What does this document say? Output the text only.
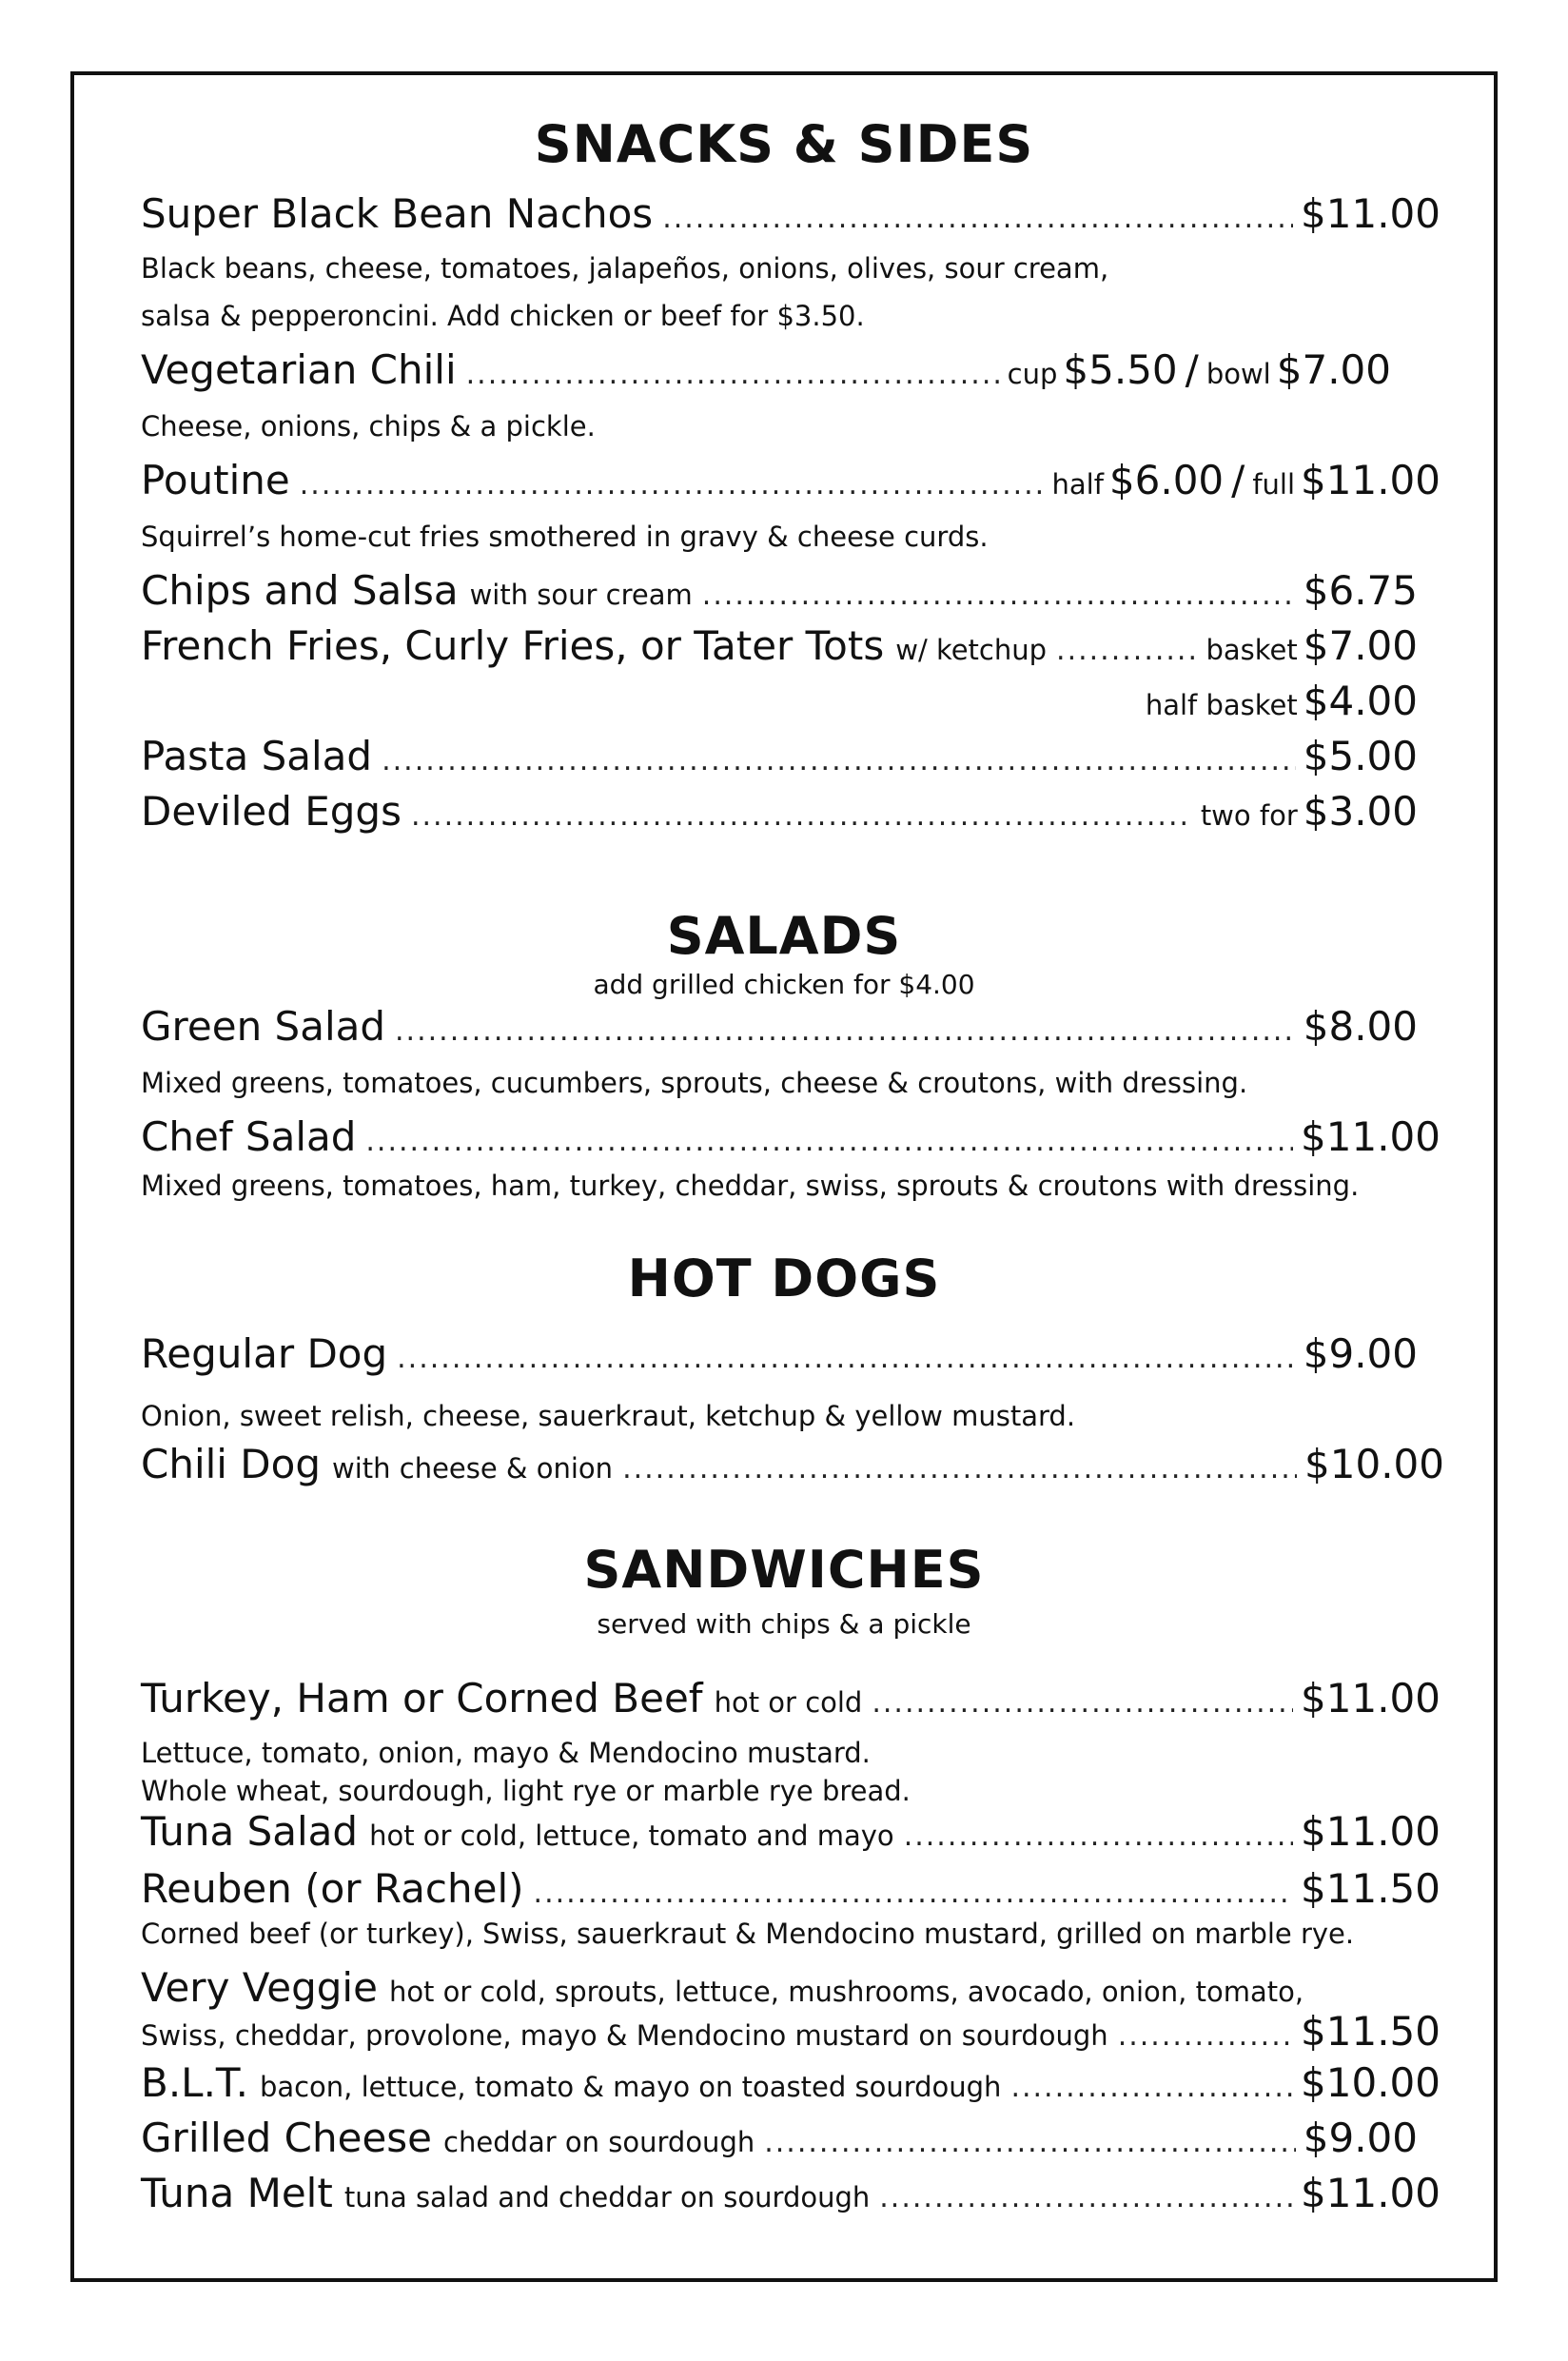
SNACKS & SIDES
Super Black Bean Nachos .....	$11.00
Black beans, cheese, tomatoes, jalapeños, onions, olives, sour cream,
salsa & pepperoncini. Add chicken or beef for $3.50.
Vegetarian Chili .....	cup $5.50 / bowl $7.00
Cheese, onions, chips & a pickle.
Poutine .....	half $6.00 / full $11.00
Squirrel’s home-cut fries smothered in gravy & cheese curds.
Chips and Salsa with sour cream .....	$6.75
French Fries, Curly Fries, or Tater Tots w/ ketchup .....	basket $7.00
half basket $4.00
Pasta Salad .....	$5.00
Deviled Eggs .....	two for $3.00
SALADS
add grilled chicken for $4.00
Green Salad .....	$8.00
Mixed greens, tomatoes, cucumbers, sprouts, cheese & croutons, with dressing.
Chef Salad .....	$11.00
Mixed greens, tomatoes, ham, turkey, cheddar, swiss, sprouts & croutons with dressing.
HOT DOGS
Regular Dog .....	$9.00
Onion, sweet relish, cheese, sauerkraut, ketchup & yellow mustard.
Chili Dog with cheese & onion .....	$10.00
SANDWICHES
served with chips & a pickle
Turkey, Ham or Corned Beef hot or cold .....	$11.00
Lettuce, tomato, onion, mayo & Mendocino mustard.
Whole wheat, sourdough, light rye or marble rye bread.
Tuna Salad hot or cold, lettuce, tomato and mayo .....	$11.00
Reuben (or Rachel) .....	$11.50
Corned beef (or turkey), Swiss, sauerkraut & Mendocino mustard, grilled on marble rye.
Very Veggie hot or cold, sprouts, lettuce, mushrooms, avocado, onion, tomato,
Swiss, cheddar, provolone, mayo & Mendocino mustard on sourdough .....	$11.50
B.L.T. bacon, lettuce, tomato & mayo on toasted sourdough .....	$10.00
Grilled Cheese cheddar on sourdough .....	$9.00
Tuna Melt tuna salad and cheddar on sourdough .....	$11.00
